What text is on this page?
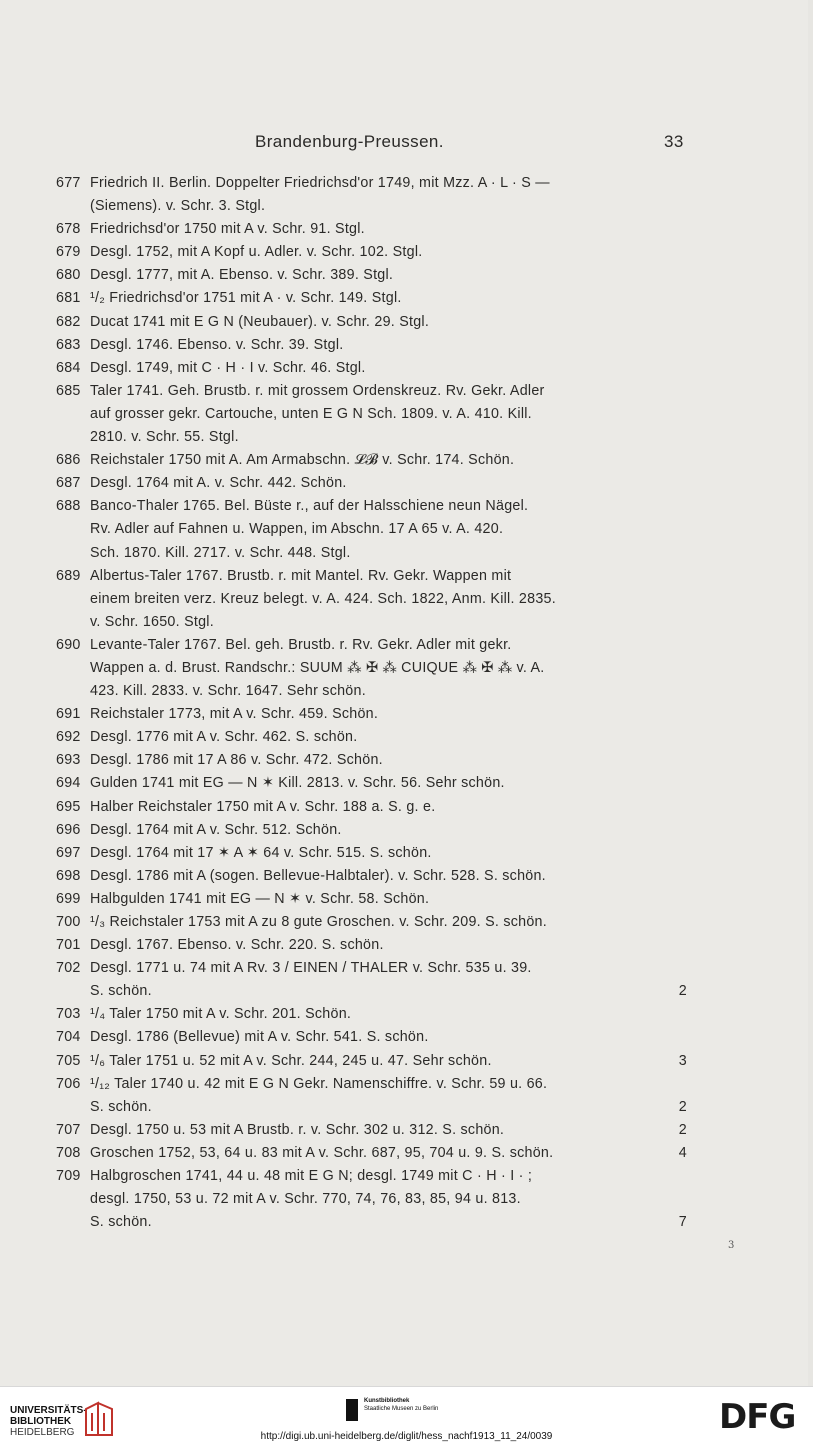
Brandenburg-Preussen.	33
677 Friedrich II. Berlin. Doppelter Friedrichsd'or 1749, mit Mzz. A · L · S —
(Siemens). v. Schr. 3. Stgl.
678 Friedrichsd'or 1750 mit A v. Schr. 91. Stgl.
679 Desgl. 1752, mit A Kopf u. Adler. v. Schr. 102. Stgl.
680 Desgl. 1777, mit A. Ebenso. v. Schr. 389. Stgl.
681 ¹/₂ Friedrichsd'or 1751 mit A · v. Schr. 149. Stgl.
682 Ducat 1741 mit E G N (Neubauer). v. Schr. 29. Stgl.
683 Desgl. 1746. Ebenso. v. Schr. 39. Stgl.
684 Desgl. 1749, mit C · H · I v. Schr. 46. Stgl.
685 Taler 1741. Geh. Brustb. r. mit grossem Ordenskreuz. Rv. Gekr. Adler
auf grosser gekr. Cartouche, unten E G N Sch. 1809. v. A. 410. Kill.
2810. v. Schr. 55. Stgl.
686 Reichstaler 1750 mit A. Am Armabschn. 𝓛𝓑 v. Schr. 174. Schön.
687 Desgl. 1764 mit A. v. Schr. 442. Schön.
688 Banco-Thaler 1765. Bel. Büste r., auf der Halsschiene neun Nägel.
Rv. Adler auf Fahnen u. Wappen, im Abschn. 17 A 65 v. A. 420.
Sch. 1870. Kill. 2717. v. Schr. 448. Stgl.
689 Albertus-Taler 1767. Brustb. r. mit Mantel. Rv. Gekr. Wappen mit
einem breiten verz. Kreuz belegt. v. A. 424. Sch. 1822, Anm. Kill. 2835.
v. Schr. 1650. Stgl.
690 Levante-Taler 1767. Bel. geh. Brustb. r. Rv. Gekr. Adler mit gekr.
Wappen a. d. Brust. Randschr.: SUUM ⁂ ✠ ⁂ CUIQUE ⁂ ✠ ⁂ v. A.
423. Kill. 2833. v. Schr. 1647. Sehr schön.
691 Reichstaler 1773, mit A v. Schr. 459. Schön.
692 Desgl. 1776 mit A v. Schr. 462. S. schön.
693 Desgl. 1786 mit 17 A 86 v. Schr. 472. Schön.
694 Gulden 1741 mit EG — N ✶ Kill. 2813. v. Schr. 56. Sehr schön.
695 Halber Reichstaler 1750 mit A v. Schr. 188 a. S. g. e.
696 Desgl. 1764 mit A v. Schr. 512. Schön.
697 Desgl. 1764 mit 17 ✶ A ✶ 64 v. Schr. 515. S. schön.
698 Desgl. 1786 mit A (sogen. Bellevue-Halbtaler). v. Schr. 528. S. schön.
699 Halbgulden 1741 mit EG — N ✶ v. Schr. 58. Schön.
700 ¹/₃ Reichstaler 1753 mit A zu 8 gute Groschen. v. Schr. 209. S. schön.
701 Desgl. 1767. Ebenso. v. Schr. 220. S. schön.
702 Desgl. 1771 u. 74 mit A Rv. 3 / EINEN / THALER v. Schr. 535 u. 39.
S. schön.	2
703 ¹/₄ Taler 1750 mit A v. Schr. 201. Schön.
704 Desgl. 1786 (Bellevue) mit A v. Schr. 541. S. schön.
705 ¹/₆ Taler 1751 u. 52 mit A v. Schr. 244, 245 u. 47. Sehr schön.	3
706 ¹/₁₂ Taler 1740 u. 42 mit E G N Gekr. Namenschiffre. v. Schr. 59 u. 66.
S. schön.	2
707 Desgl. 1750 u. 53 mit A Brustb. r. v. Schr. 302 u. 312. S. schön.	2
708 Groschen 1752, 53, 64 u. 83 mit A v. Schr. 687, 95, 704 u. 9. S. schön.	4
709 Halbgroschen 1741, 44 u. 48 mit E G N; desgl. 1749 mit C · H · I · ;
desgl. 1750, 53 u. 72 mit A v. Schr. 770, 74, 76, 83, 85, 94 u. 813.
S. schön.	7
3
UNIVERSITÄTS-
BIBLIOTHEK
HEIDELBERG
Kunstbibliothek
Staatliche Museen zu Berlin	DFG
http://digi.ub.uni-heidelberg.de/diglit/hess_nachf1913_11_24/0039
